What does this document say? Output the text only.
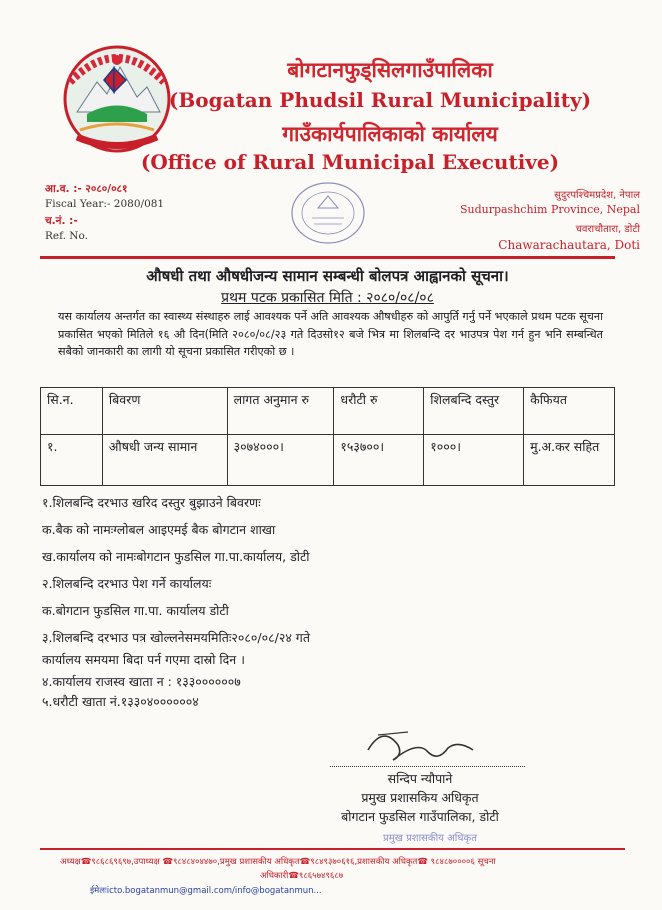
बोगटानफुड्सिलगाउँपालिका
(Bogatan Phudsil Rural Municipality)
गाउँकार्यपालिकाको कार्यालय
(Office of Rural Municipal Executive)
आ.व. :- २०८०/०८१
Fiscal Year:- 2080/081
च.नं. :-
Ref. No.
सुदुरपश्चिमप्रदेश, नेपाल
Sudurpashchim Province, Nepal
चवराचौतारा, डोटी
Chawarachautara, Doti
औषधी तथा औषधीजन्य सामान सम्बन्धी बोलपत्र आह्वानको सूचना।
प्रथम पटक प्रकासित मिति : २०८०/०८/०८
यस कार्यालय अन्तर्गत का स्वास्थ्य संस्थाहरु लाई आवश्यक पर्ने अति आवश्यक औषधीहरु को आपुर्ति गर्नु पर्ने भएकाले प्रथम पटक सूचना प्रकासित भएको मितिले १६ औ दिन(मिति २०८०/०८/२३ गते दिउसो१२ बजे भित्र मा शिलबन्दि दर भाउपत्र पेश गर्न हुन भनि सम्बन्धित सबैको जानकारी का लागी यो सूचना प्रकासित गरीएको छ ।
सि.न.	बिवरण	लागत अनुमान रु	धरौटी रु	शिलबन्दि दस्तुर	कैफियत
१.	औषधी जन्य सामान	३०७४०००।	१५३७००।	१०००।	मु.अ.कर सहित
१.शिलबन्दि दरभाउ खरिद दस्तुर बुझाउने बिवरणः
क.बैक को नामःग्लोबल आइएमई बैक बोगटान शाखा
ख.कार्यालय को नामःबोगटान फुडसिल गा.पा.कार्यालय, डोटी
२.शिलबन्दि दरभाउ पेश गर्ने कार्यालयः
क.बोगटान फुडसिल गा.पा. कार्यालय डोटी
३.शिलबन्दि दरभाउ पत्र खोल्लनेसमयमितिः२०८०/०८/२४ गते
कार्यालय समयमा बिदा पर्न गएमा दास्रो दिन ।
४.कार्यालय राजस्व खाता न : १३३००००००७
५.धरौटी खाता नं.१३३०४००००००४
सन्दिप न्यौपाने
प्रमुख प्रशासकिय अधिकृत
बोगटान फुडसिल गाउँपालिका, डोटी
प्रमुख प्रशासकीय अधिकृत
अध्यक्ष☎९८६८६९६९७,उपाध्यक्ष ☎९८४८४०४४७०,प्रमुख प्रशासकीय अधिकृत☎९८४९३७०६१६,प्रशासकीय अधिकृत☎ ९८४८७००००६ सूचना
अधिकारी☎९८६५७४९६८७
ईमेलःicto.bogatanmun@gmail.com/info@bogatanmun...
